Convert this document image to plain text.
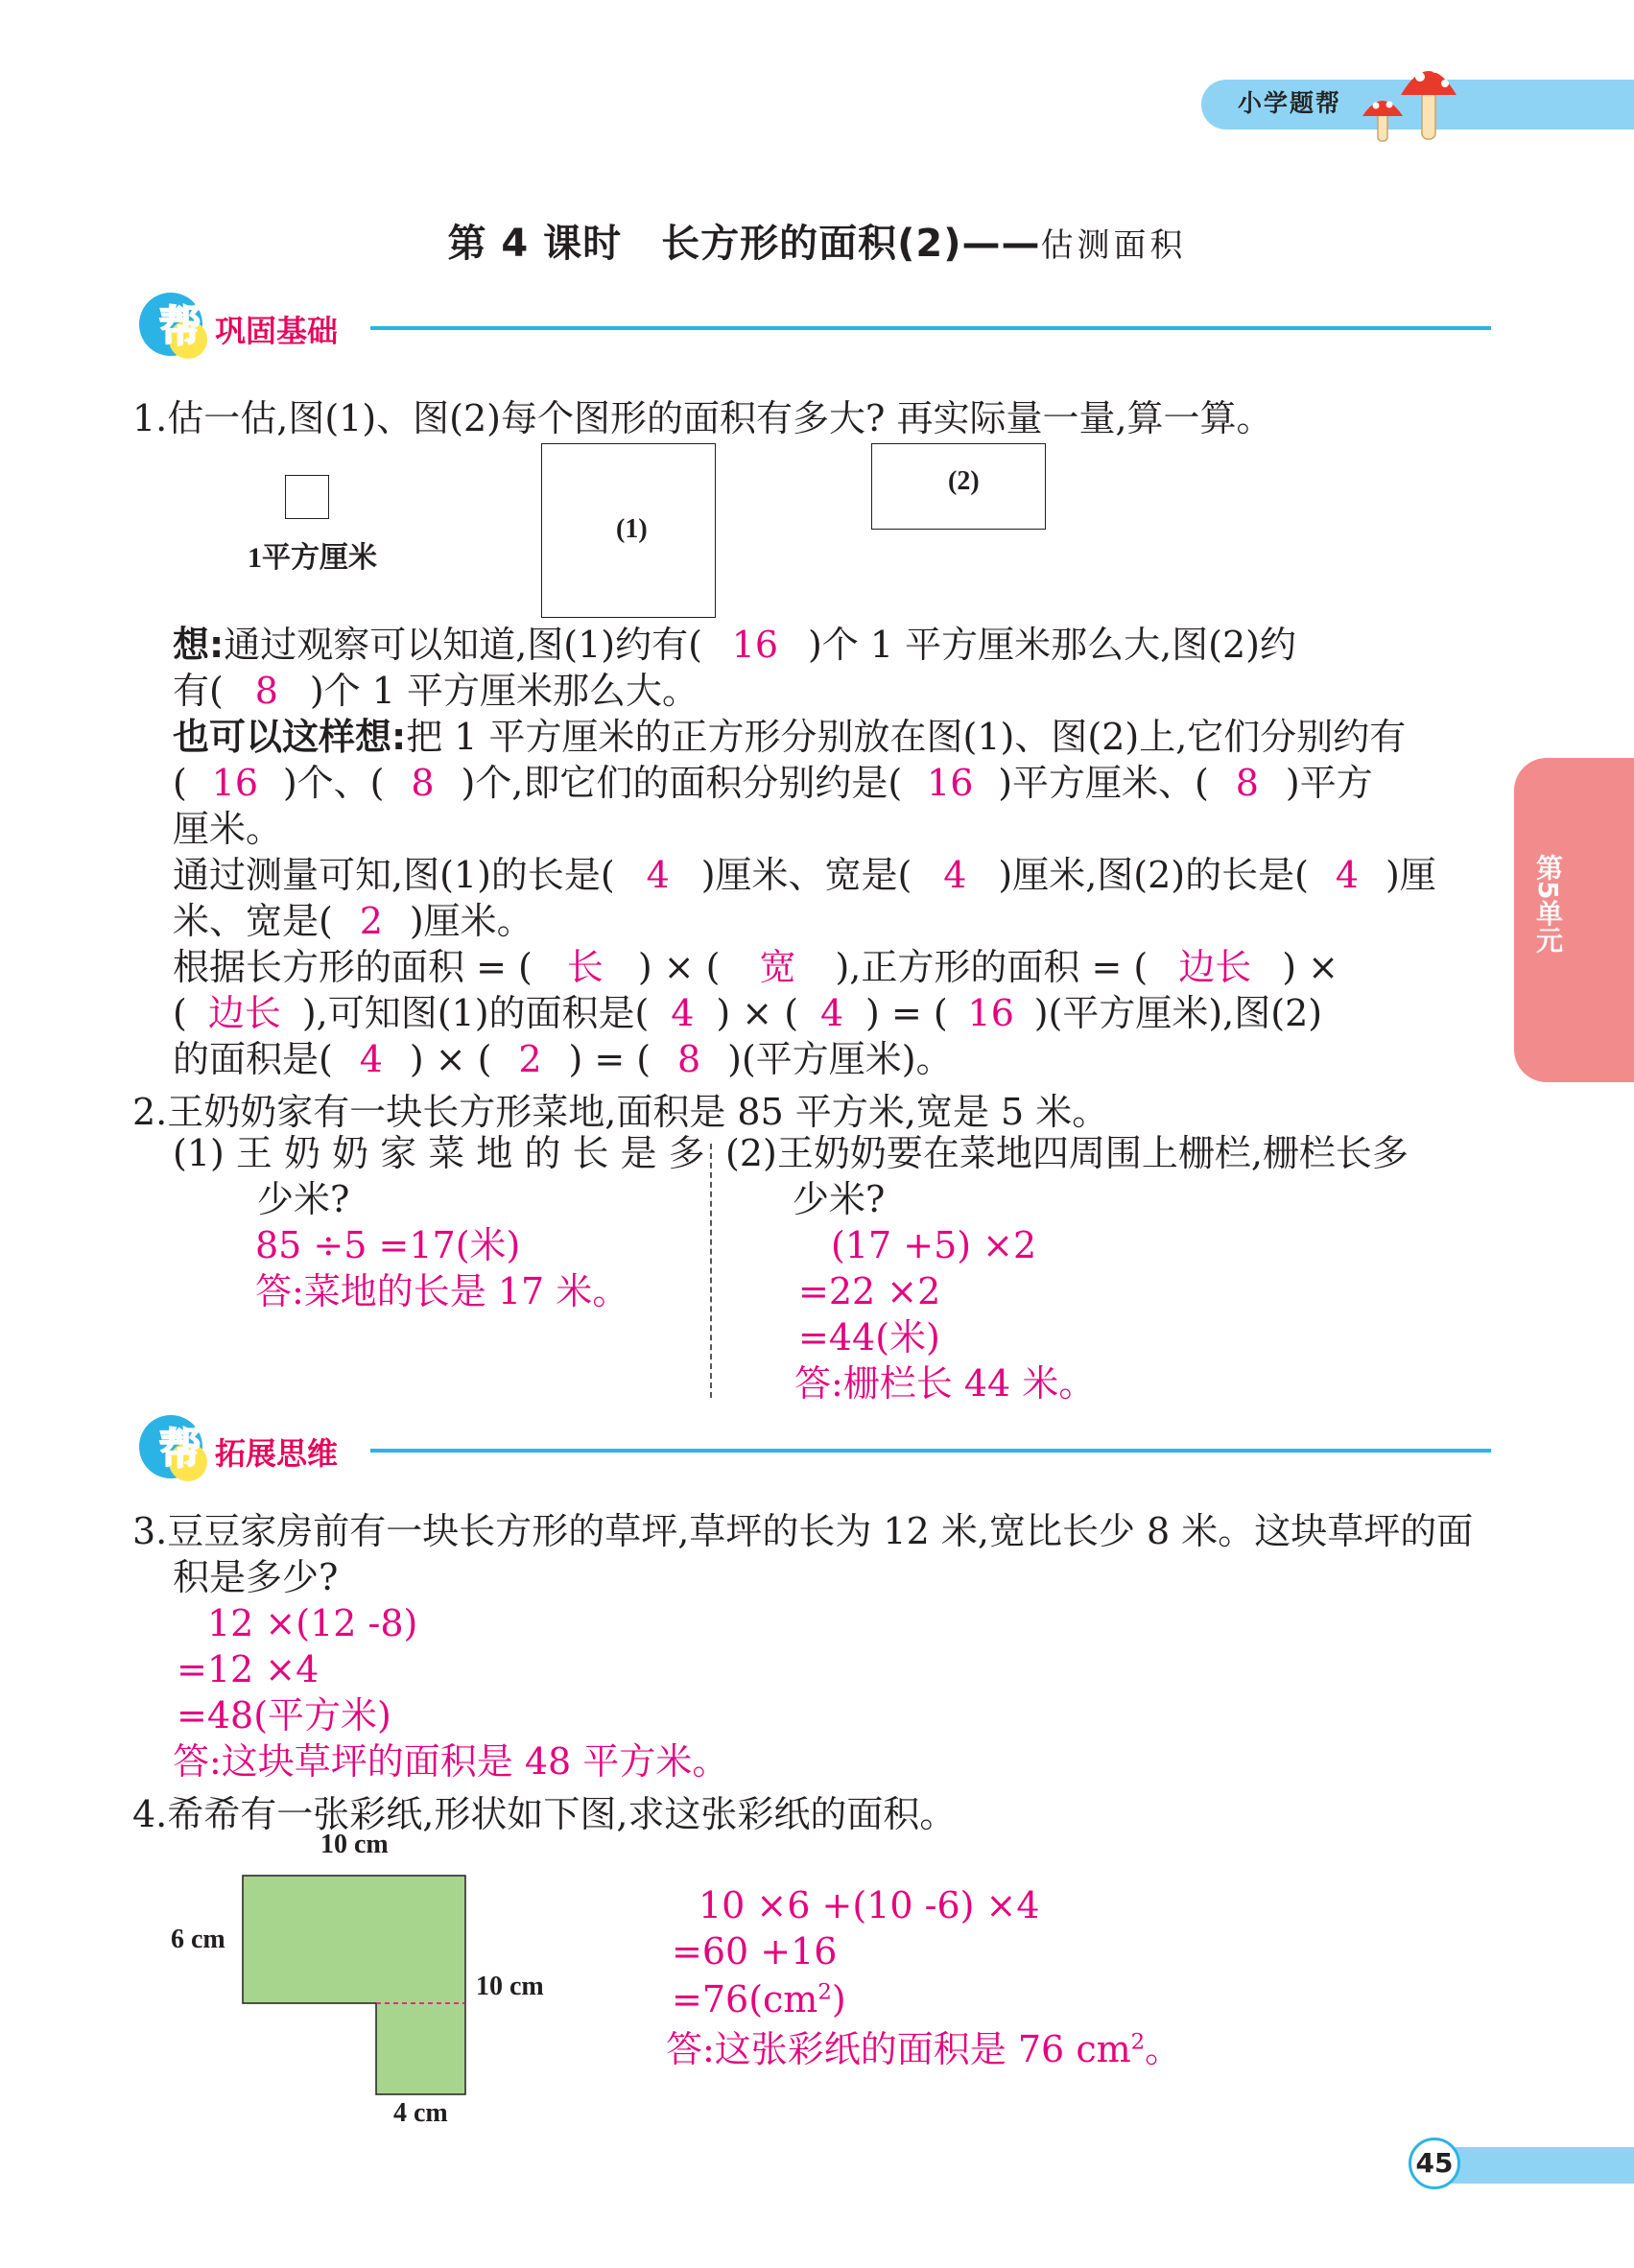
小学题帮
第 4 课时　长方形的面积(2)——估测面积
帮 巩固基础
第5单元
1.估一估,图(1)、图(2)每个图形的面积有多大? 再实际量一量,算一算。
1平方厘米
(1)
(2)
想:通过观察可以知道,图(1)约有( 16 )个 1 平方厘米那么大,图(2)约
有( 8 )个 1 平方厘米那么大。
也可以这样想:把 1 平方厘米的正方形分别放在图(1)、图(2)上,它们分别约有
( 16 )个、( 8 )个,即它们的面积分别约是( 16 )平方厘米、( 8 )平方
厘米。
通过测量可知,图(1)的长是( 4 )厘米、宽是( 4 )厘米,图(2)的长是( 4 )厘
米、宽是( 2 )厘米。
根据长方形的面积 = ( 长 ) × ( 宽 ),正方形的面积 = ( 边长 ) ×
( 边长 ),可知图(1)的面积是( 4 ) × ( 4 ) = ( 16 )(平方厘米),图(2)
的面积是( 4 ) × ( 2 ) = ( 8 )(平方厘米)。
2.王奶奶家有一块长方形菜地,面积是 85 平方米,宽是 5 米。
(1) 王 奶 奶 家 菜 地 的 长 是 多
少米?
85 ÷5 =17(米)
答:菜地的长是 17 米。
(2)王奶奶要在菜地四周围上栅栏,栅栏长多
少米?
(17 +5) ×2
=22 ×2
=44(米)
答:栅栏长 44 米。
帮 拓展思维
3.豆豆家房前有一块长方形的草坪,草坪的长为 12 米,宽比长少 8 米。这块草坪的面
积是多少?
12 ×(12 -8)
=12 ×4
=48(平方米)
答:这块草坪的面积是 48 平方米。
4.希希有一张彩纸,形状如下图,求这张彩纸的面积。
10 cm
6 cm
10 cm
4 cm
10 ×6 +(10 -6) ×4
=60 +16
$=76(cm^2)$
答:这张彩纸的面积是 76 $cm^2$。
45
